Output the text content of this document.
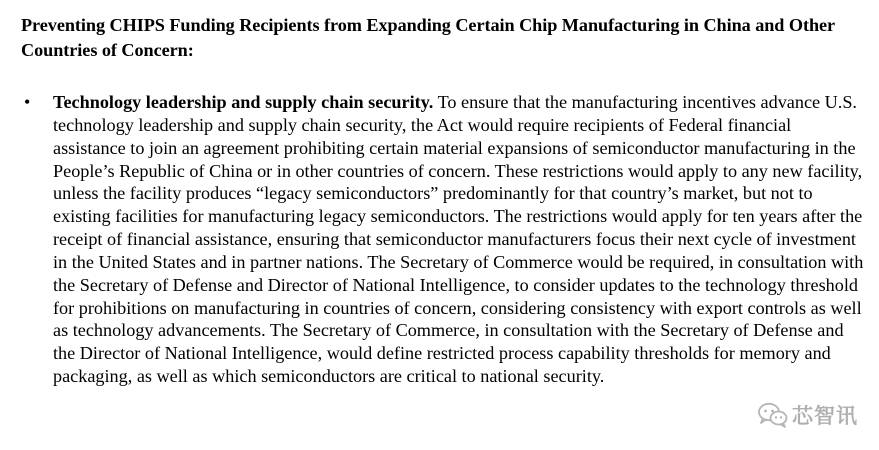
Preventing CHIPS Funding Recipients from Expanding Certain Chip Manufacturing in China and Other Countries of Concern:

• Technology leadership and supply chain security. To ensure that the manufacturing incentives advance U.S. technology leadership and supply chain security, the Act would require recipients of Federal financial assistance to join an agreement prohibiting certain material expansions of semiconductor manufacturing in the People’s Republic of China or in other countries of concern. These restrictions would apply to any new facility, unless the facility produces “legacy semiconductors” predominantly for that country’s market, but not to existing facilities for manufacturing legacy semiconductors. The restrictions would apply for ten years after the receipt of financial assistance, ensuring that semiconductor manufacturers focus their next cycle of investment in the United States and in partner nations. The Secretary of Commerce would be required, in consultation with the Secretary of Defense and Director of National Intelligence, to consider updates to the technology threshold for prohibitions on manufacturing in countries of concern, considering consistency with export controls as well as technology advancements. The Secretary of Commerce, in consultation with the Secretary of Defense and the Director of National Intelligence, would define restricted process capability thresholds for memory and packaging, as well as which semiconductors are critical to national security.

芯智讯
